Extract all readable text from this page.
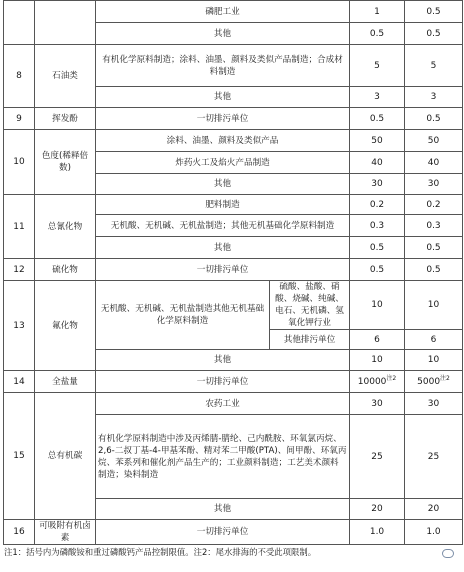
		磷肥工业		1	0.5
		其他		0.5	0.5
8	石油类	有机化学原料制造；涂料、油墨、颜料及类似产品制造；合成材料制造		5	5
		其他		3	3
9	挥发酚	一切排污单位		0.5	0.5
10	色度(稀释倍数)	涂料、油墨、颜料及类似产品		50	50
		炸药火工及焰火产品制造		40	40
		其他		30	30
11	总氰化物	肥料制造		0.2	0.2
		无机酸、无机碱、无机盐制造；其他无机基础化学原料制造		0.3	0.3
		其他		0.5	0.5
12	硫化物	一切排污单位		0.5	0.5
13	氟化物	无机酸、无机碱、无机盐制造其他无机基础化学原料制造	硫酸、盐酸、硝酸、烧碱、纯碱、电石、无机磷、氢氧化钾行业	10	10
			其他排污单位	6	6
		其他		10	10
14	全盐量	一切排污单位		10000$^{注2}$	5000$^{注2}$
15	总有机碳	农药工业		30	30
		有机化学原料制造中涉及丙烯腈-腈纶、己内酰胺、环氧氯丙烷、2,6-二叔丁基-4-甲基苯酚、精对苯二甲酸(PTA)、间甲酚、环氧丙烷、苯系列和催化剂产品生产的；工业颜料制造；工艺美术颜料制造；染料制造		25	25
		其他		20	20
16	可吸附有机卤素	一切排污单位		1.0	1.0
注1：括号内为磷酸铵和重过磷酸钙产品控制限值。注2：尾水排海的不受此项限制。
